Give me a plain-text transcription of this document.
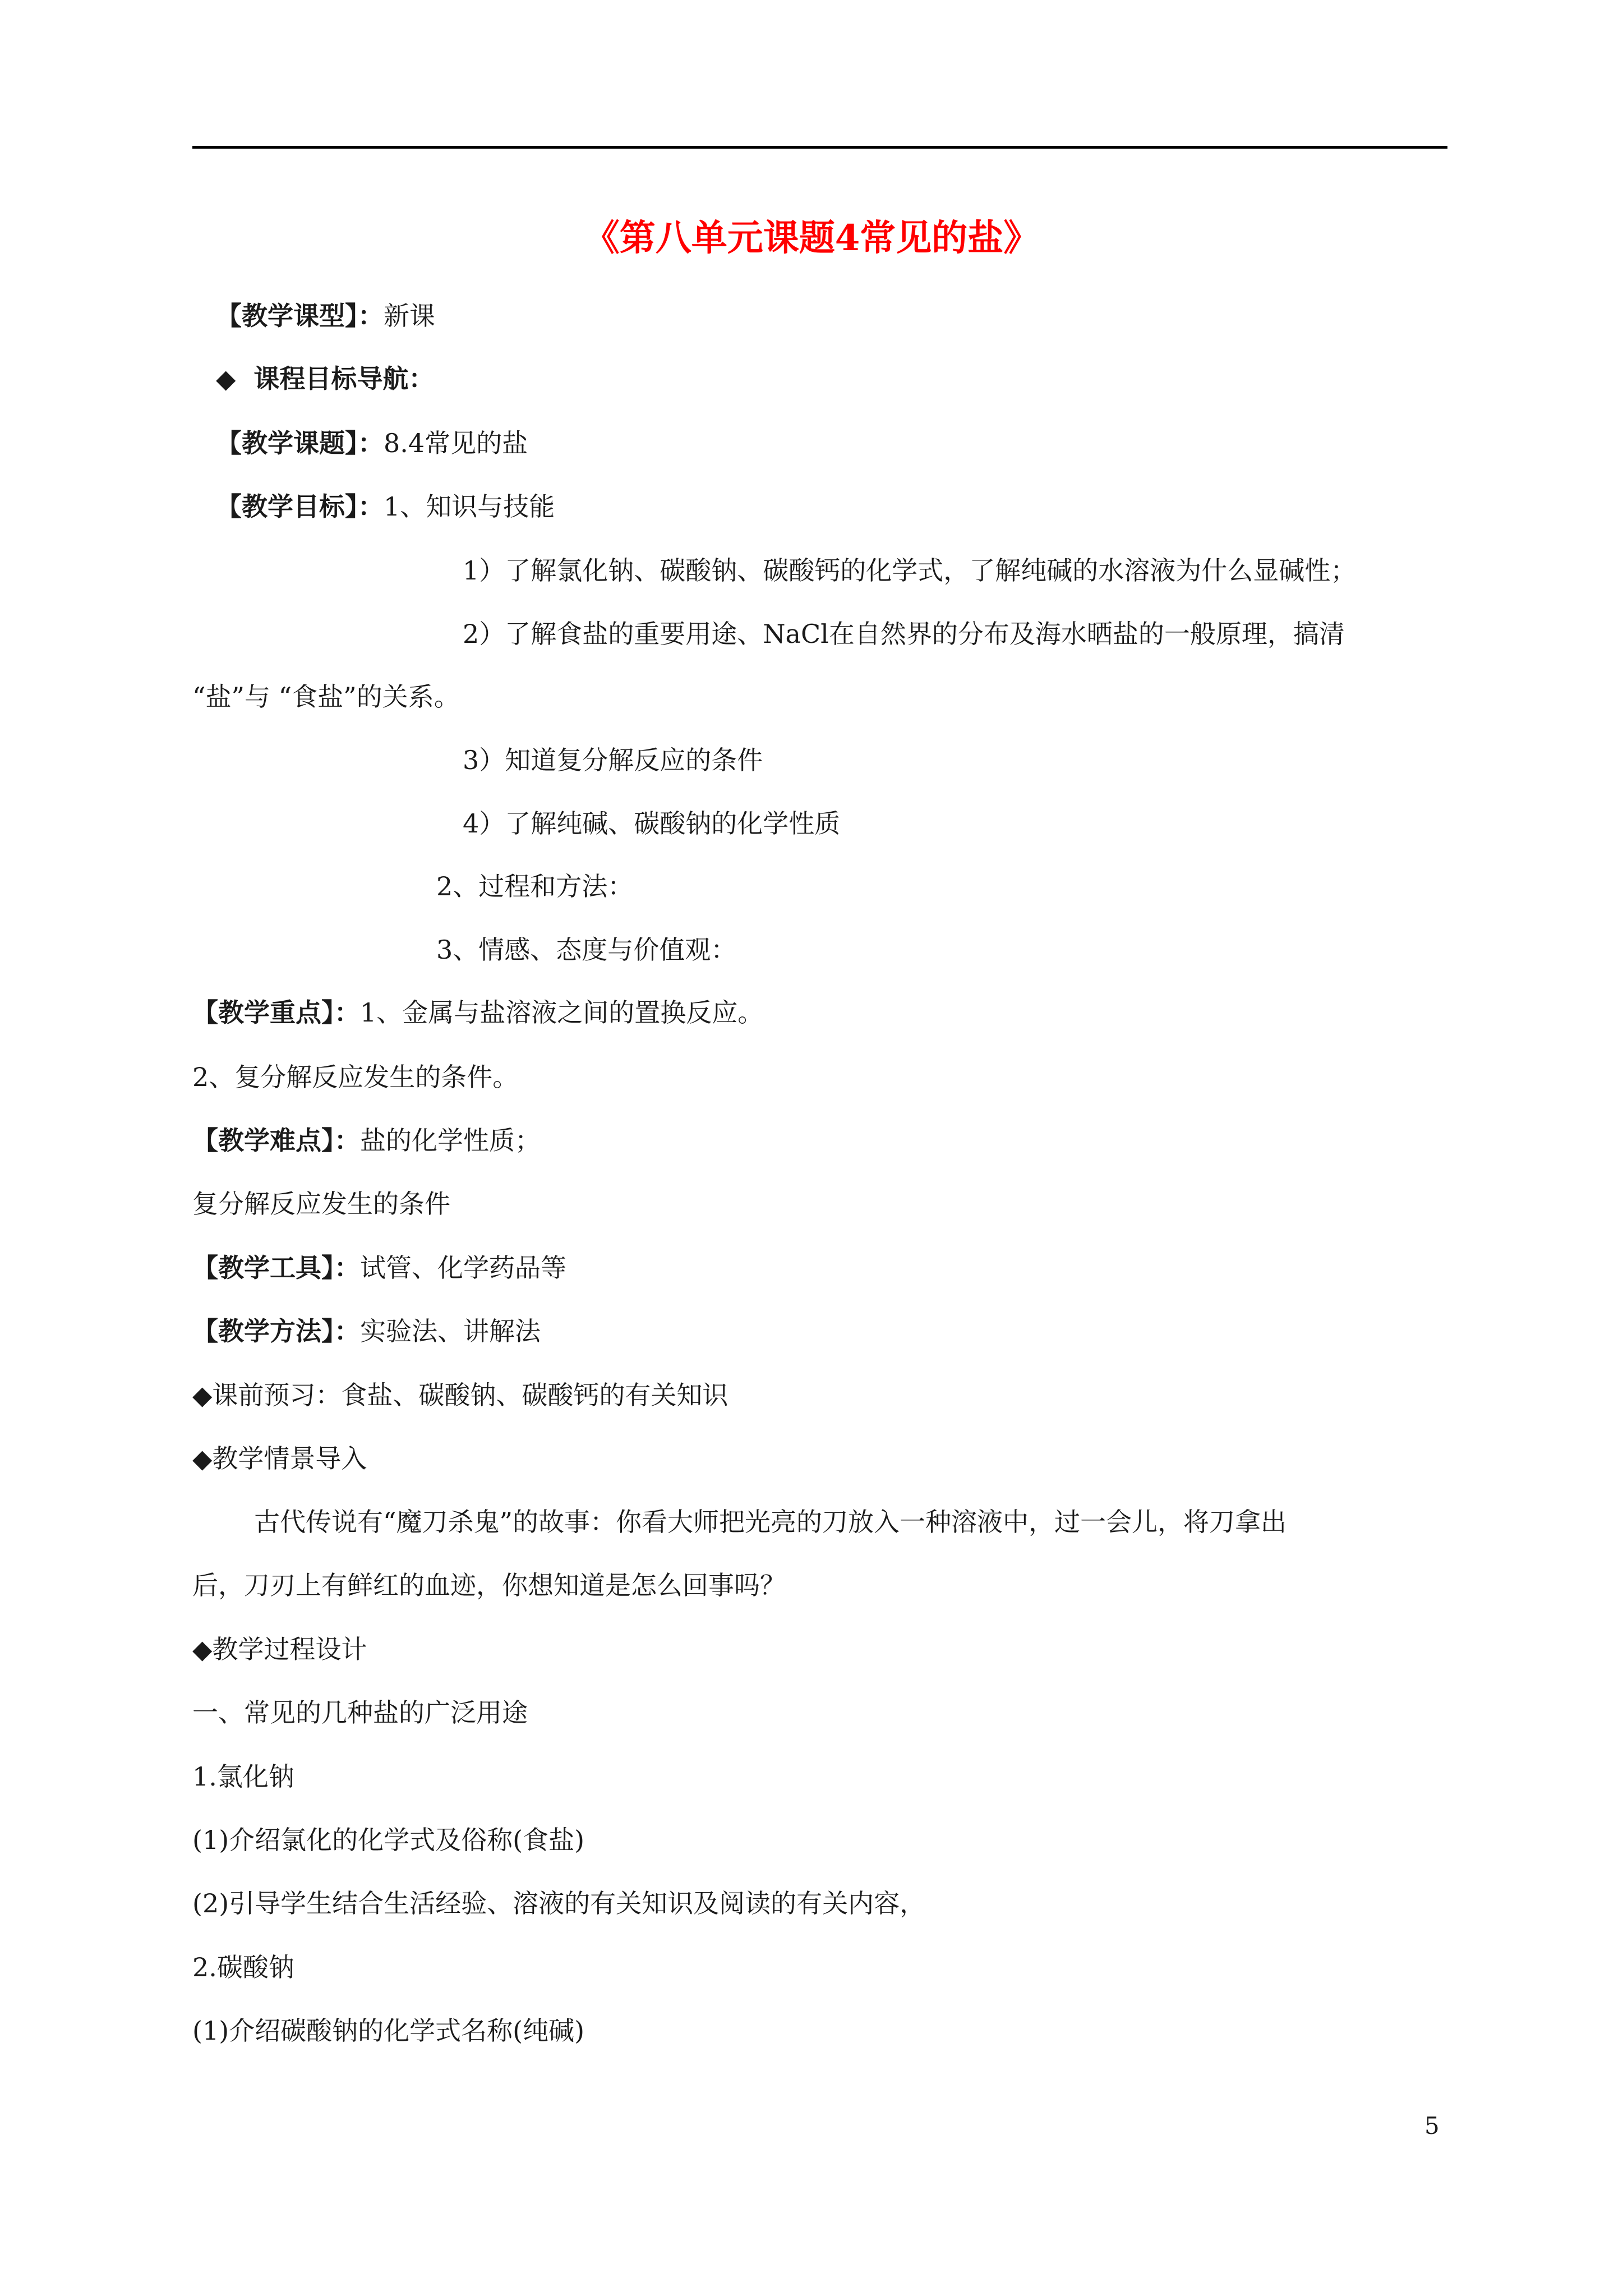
《第八单元课题4常见的盐》
【教学课型】：新课
◆ 课程目标导航：
【教学课题】：8.4常见的盐
【教学目标】：1、知识与技能
1）了解氯化钠、碳酸钠、碳酸钙的化学式，了解纯碱的水溶液为什么显碱性；
2）了解食盐的重要用途、NaCl在自然界的分布及海水晒盐的一般原理，搞清
“盐”与 “食盐”的关系。
3）知道复分解反应的条件
4）了解纯碱、碳酸钠的化学性质
2、过程和方法：
3、情感、态度与价值观：
【教学重点】：1、金属与盐溶液之间的置换反应。
2、复分解反应发生的条件。
【教学难点】：盐的化学性质；
复分解反应发生的条件
【教学工具】：试管、化学药品等
【教学方法】：实验法、讲解法
◆课前预习：食盐、碳酸钠、碳酸钙的有关知识
◆教学情景导入
古代传说有“魔刀杀鬼”的故事：你看大师把光亮的刀放入一种溶液中，过一会儿，将刀拿出
后，刀刃上有鲜红的血迹，你想知道是怎么回事吗？
◆教学过程设计
一、常见的几种盐的广泛用途
1.氯化钠
(1)介绍氯化的化学式及俗称(食盐)
(2)引导学生结合生活经验、溶液的有关知识及阅读的有关内容，
2.碳酸钠
(1)介绍碳酸钠的化学式名称(纯碱)
5
